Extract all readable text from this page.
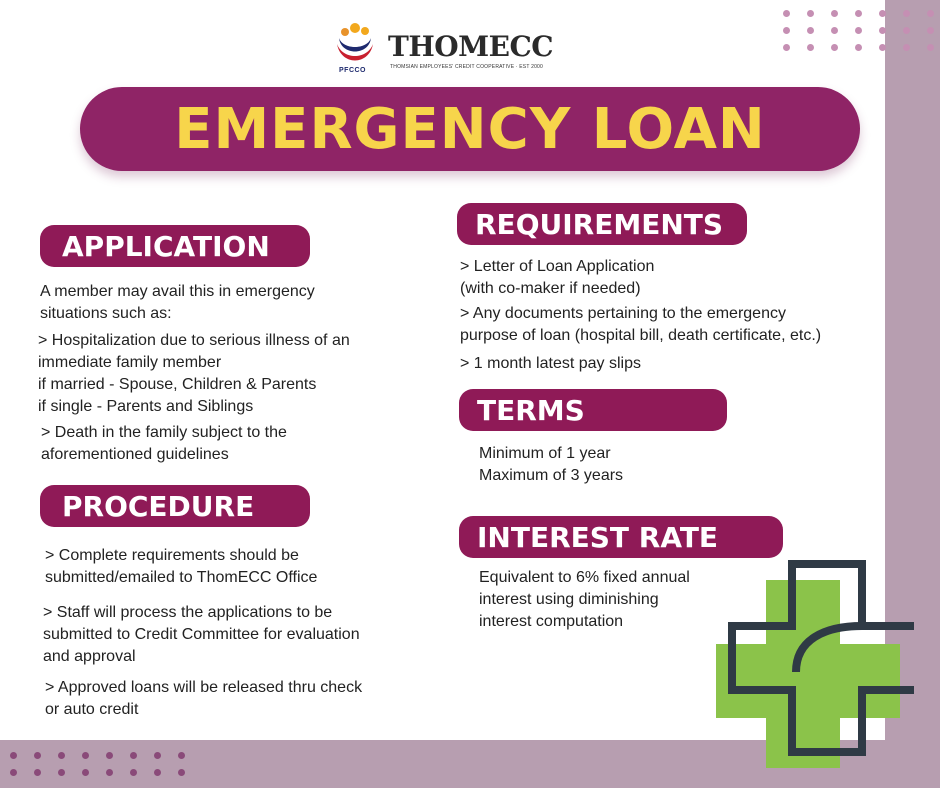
PFCCO
THOMECC
THOMSIAN EMPLOYEES' CREDIT COOPERATIVE · EST 2000
EMERGENCY LOAN
APPLICATION

A member may avail this in emergency

situations such as:

> Hospitalization due to serious illness of an

immediate family member

if married - Spouse, Children & Parents

if single - Parents and Siblings

> Death in the family subject to the

aforementioned guidelines

PROCEDURE

> Complete requirements should be

submitted/emailed to ThomECC Office

> Staff will process the applications to be

submitted to Credit Committee for evaluation

and approval

> Approved loans will be released thru check

or auto credit

REQUIREMENTS

> Letter of Loan Application

(with co-maker if needed)

> Any documents pertaining to the emergency

purpose of loan (hospital bill, death certificate, etc.)

> 1 month latest pay slips

TERMS

Minimum of 1 year

Maximum of 3 years

INTEREST RATE

Equivalent to 6% fixed annual

interest using diminishing

interest computation
